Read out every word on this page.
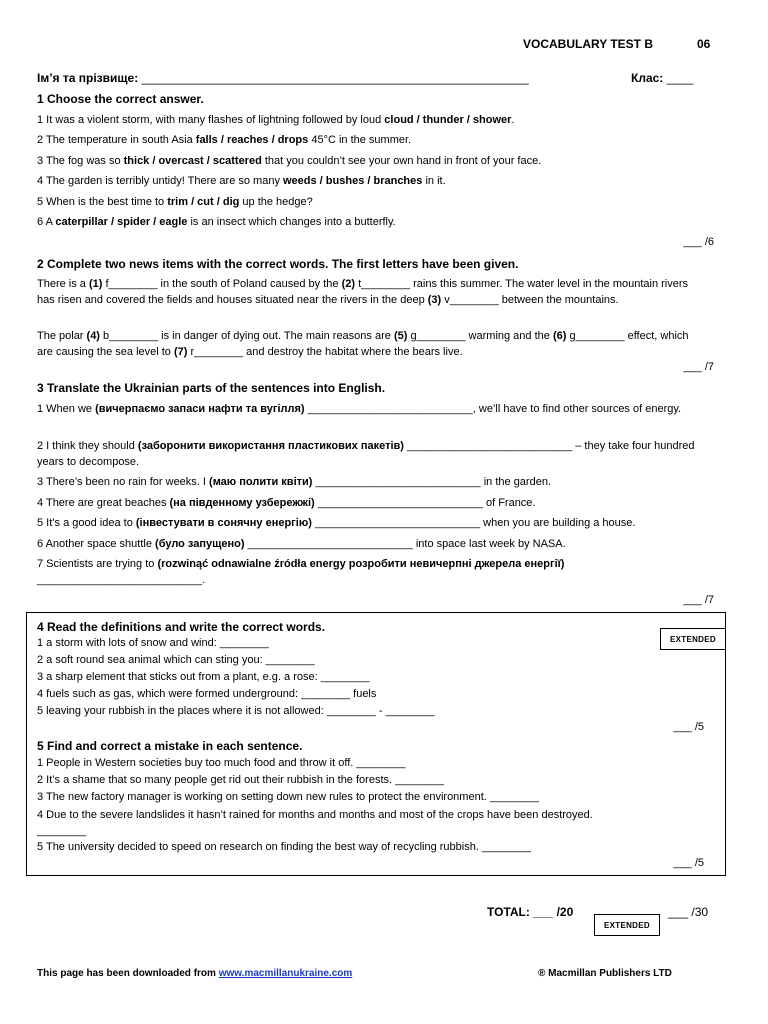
VOCABULARY TEST B	06
Ім’я та прізвище: __________________________________________________________	Клас: ____
1 Choose the correct answer.
1 It was a violent storm, with many flashes of lightning followed by loud cloud / thunder / shower.
2 The temperature in south Asia falls / reaches / drops 45°C in the summer.
3 The fog was so thick / overcast / scattered that you couldn’t see your own hand in front of your face.
4 The garden is terribly untidy! There are so many weeds / bushes / branches in it.
5 When is the best time to trim / cut / dig up the hedge?
6 A caterpillar / spider / eagle is an insect which changes into a butterfly.
___ /6
2 Complete two news items with the correct words. The first letters have been given.
There is a (1) f________ in the south of Poland caused by the (2) t________ rains this summer. The water level in the mountain rivers has risen and covered the fields and houses situated near the rivers in the deep (3) v________ between the mountains.
The polar (4) b________ is in danger of dying out. The main reasons are (5) g________ warming and the (6) g________ effect, which are causing the sea level to (7) r________ and destroy the habitat where the bears live.
___ /7
3 Translate the Ukrainian parts of the sentences into English.
1 When we (вичерпаємо запаси нафти та вугілля) ___________________________, we’ll have to find other sources of energy.
2 I think they should (заборонити використання пластикових пакетів) ___________________________ – they take four hundred years to decompose.
3 There’s been no rain for weeks. I (маю полити квіти) ___________________________ in the garden.
4 There are great beaches (на південному узбережжі) ___________________________ of France.
5 It’s a good idea to (інвестувати в сонячну енергію) ___________________________ when you are building a house.
6 Another space shuttle (було запущено) ___________________________ into space last week by NASA.
7 Scientists are trying to (rozwinąć odnawialne źródła energy розробити невичерпні джерела енергії) ___________________________.
___ /7
4 Read the definitions and write the correct words.
EXTENDED
1 a storm with lots of snow and wind: ________
2 a soft round sea animal which can sting you: ________
3 a sharp element that sticks out from a plant, e.g. a rose: ________
4 fuels such as gas, which were formed underground: ________ fuels
5 leaving your rubbish in the places where it is not allowed: ________ - ________
___ /5
5 Find and correct a mistake in each sentence.
1 People in Western societies buy too much food and throw it off. ________
2 It’s a shame that so many people get rid out their rubbish in the forests. ________
3 The new factory manager is working on setting down new rules to protect the environment. ________
4 Due to the severe landslides it hasn’t rained for months and months and most of the crops have been destroyed. ________
5 The university decided to speed on research on finding the best way of recycling rubbish. ________
___ /5
TOTAL: ___ /20
EXTENDED
___ /30
This page has been downloaded from www.macmillanukraine.com	® Macmillan Publishers LTD
